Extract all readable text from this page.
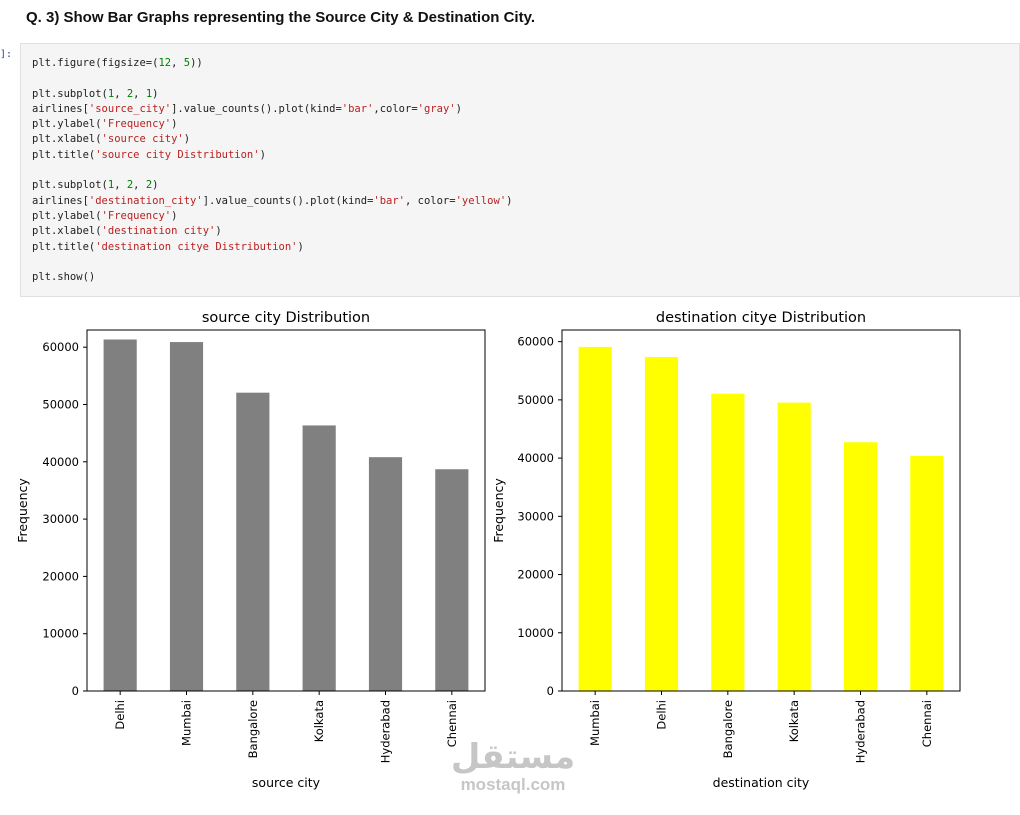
Q. 3) Show Bar Graphs representing the Source City & Destination City.
]:
plt.figure(figsize=(12, 5))
plt.subplot(1, 2, 1)
airlines['source_city'].value_counts().plot(kind='bar',color='gray')
plt.ylabel('Frequency')
plt.xlabel('source city')
plt.title('source city Distribution')
plt.subplot(1, 2, 2)
airlines['destination_city'].value_counts().plot(kind='bar', color='yellow')
plt.ylabel('Frequency')
plt.xlabel('destination city')
plt.title('destination citye Distribution')
plt.show()
0
10000
20000
30000
40000
50000
60000
Delhi	Mumbai	Bangalore	Kolkata	Hyderabad	Chennai
source city Distribution
source city
Frequency
0
10000
20000
30000
40000
50000
60000
Mumbai	Delhi	Bangalore	Kolkata	Hyderabad	Chennai
destination citye Distribution
destination city
Frequency
مستقل
mostaql.com
